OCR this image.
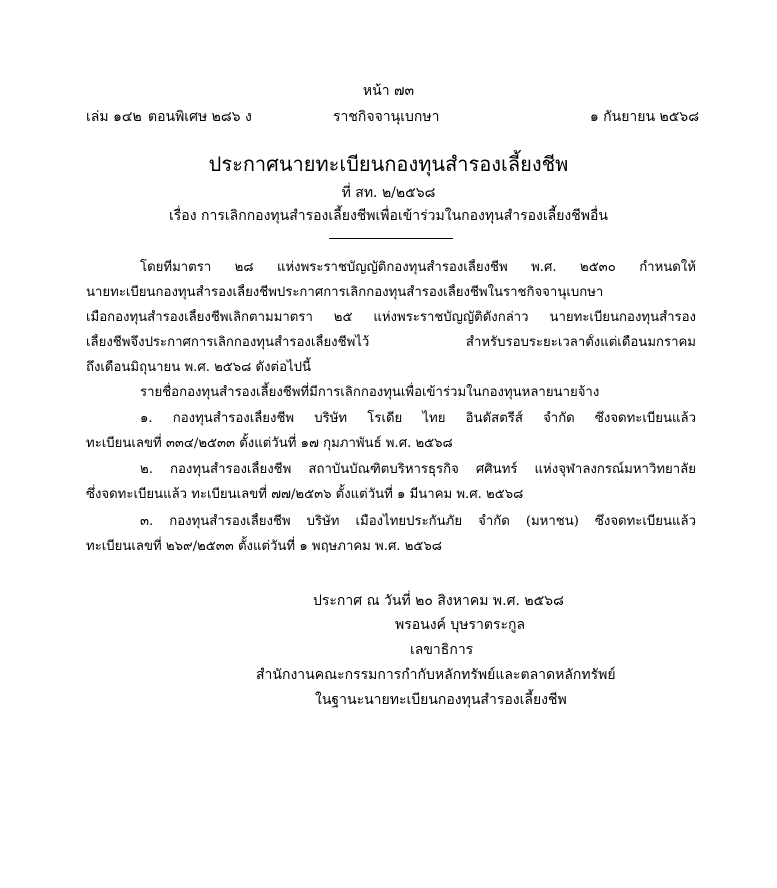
หน้า ๗๓
เล่ม ๑๔๒ ตอนพิเศษ ๒๘๖ ง	ราชกิจจานุเบกษา	๑ กันยายน ๒๕๖๘
ประกาศนายทะเบียนกองทุนสำรองเลี้ยงชีพ
ที่ สท. ๒/๒๕๖๘
เรื่อง การเลิกกองทุนสำรองเลี้ยงชีพเพื่อเข้าร่วมในกองทุนสำรองเลี้ยงชีพอื่น
โดยที่มาตรา ๒๘ แห่งพระราชบัญญัติกองทุนสำรองเลี้ยงชีพ พ.ศ. ๒๕๓๐ กำหนดให้
นายทะเบียนกองทุนสำรองเลี้ยงชีพประกาศการเลิกกองทุนสำรองเลี้ยงชีพในราชกิจจานุเบกษา
เมื่อกองทุนสำรองเลี้ยงชีพเลิกตามมาตรา ๒๕ แห่งพระราชบัญญัติดังกล่าว นายทะเบียนกองทุนสำรอง
เลี้ยงชีพจึงประกาศการเลิกกองทุนสำรองเลี้ยงชีพไว้ สำหรับรอบระยะเวลาตั้งแต่เดือนมกราคม
ถึงเดือนมิถุนายน พ.ศ. ๒๕๖๘ ดังต่อไปนี้
รายชื่อกองทุนสำรองเลี้ยงชีพที่มีการเลิกกองทุนเพื่อเข้าร่วมในกองทุนหลายนายจ้าง
๑. กองทุนสำรองเลี้ยงชีพ บริษัท โรเดีย ไทย อินดัสตรีส์ จำกัด ซึ่งจดทะเบียนแล้ว
ทะเบียนเลขที่ ๓๓๔/๒๕๓๓ ตั้งแต่วันที่ ๑๗ กุมภาพันธ์ พ.ศ. ๒๕๖๘
๒. กองทุนสำรองเลี้ยงชีพ สถาบันบัณฑิตบริหารธุรกิจ ศศินทร์ แห่งจุฬาลงกรณ์มหาวิทยาลัย
ซึ่งจดทะเบียนแล้ว ทะเบียนเลขที่ ๗๗/๒๕๓๖ ตั้งแต่วันที่ ๑ มีนาคม พ.ศ. ๒๕๖๘
๓. กองทุนสำรองเลี้ยงชีพ บริษัท เมืองไทยประกันภัย จำกัด (มหาชน) ซึ่งจดทะเบียนแล้ว
ทะเบียนเลขที่ ๒๖๙/๒๕๓๓ ตั้งแต่วันที่ ๑ พฤษภาคม พ.ศ. ๒๕๖๘
ประกาศ ณ วันที่ ๒๐ สิงหาคม พ.ศ. ๒๕๖๘
พรอนงค์ บุษราตระกูล
เลขาธิการ
สำนักงานคณะกรรมการกำกับหลักทรัพย์และตลาดหลักทรัพย์
ในฐานะนายทะเบียนกองทุนสำรองเลี้ยงชีพ
